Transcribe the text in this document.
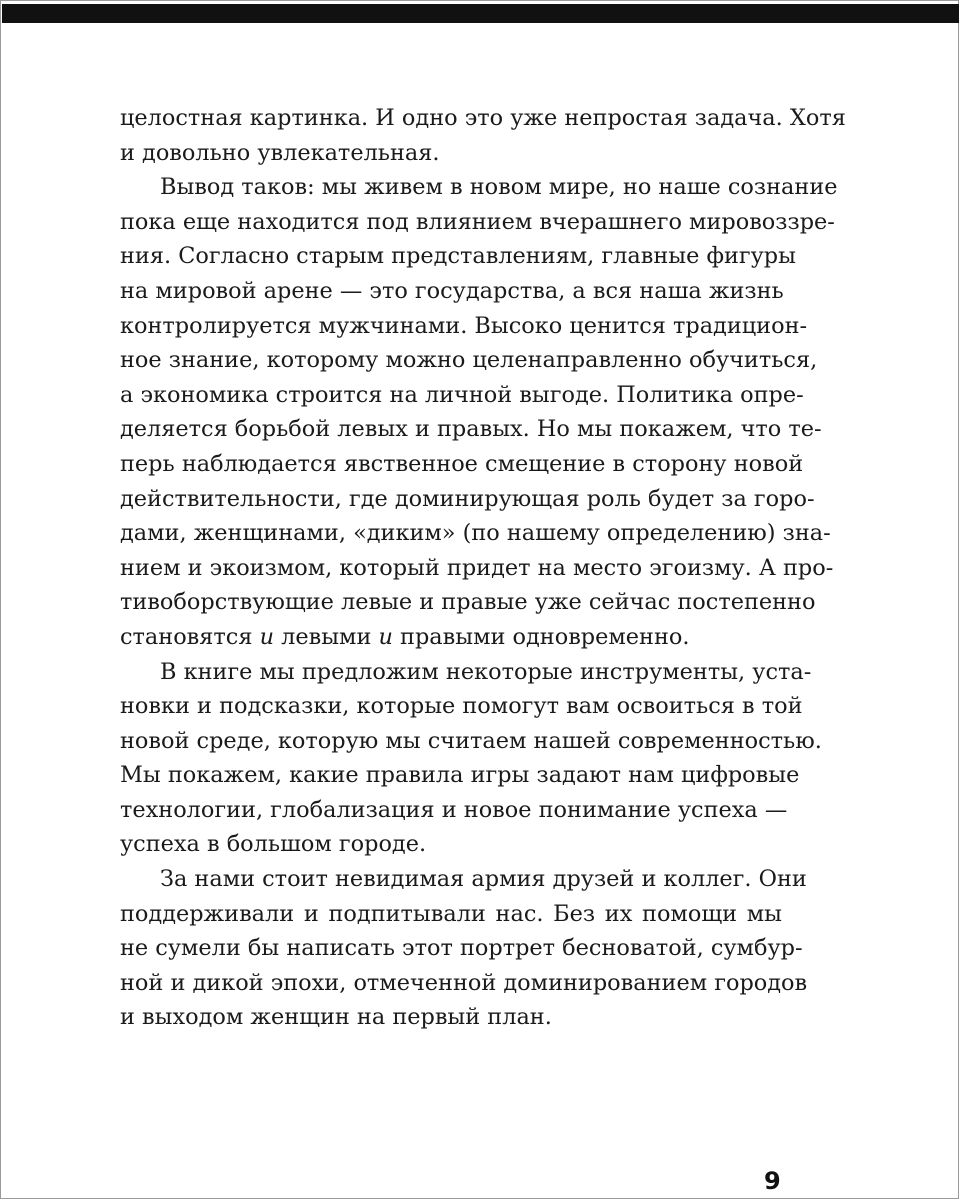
целостная картинка. И одно это уже непростая задача. Хотя
и довольно увлекательная.
Вывод таков: мы живем в новом мире, но наше сознание
пока еще находится под влиянием вчерашнего мировоззре-
ния. Согласно старым представлениям, главные фигуры
на мировой арене — это государства, а вся наша жизнь
контролируется мужчинами. Высоко ценится традицион-
ное знание, которому можно целенаправленно обучиться,
а экономика строится на личной выгоде. Политика опре-
деляется борьбой левых и правых. Но мы покажем, что те-
перь наблюдается явственное смещение в сторону новой
действительности, где доминирующая роль будет за горо-
дами, женщинами, «диким» (по нашему определению) зна-
нием и экоизмом, который придет на место эгоизму. А про-
тивоборствующие левые и правые уже сейчас постепенно
становятся и левыми и правыми одновременно.
В книге мы предложим некоторые инструменты, уста-
новки и подсказки, которые помогут вам освоиться в той
новой среде, которую мы считаем нашей современностью.
Мы покажем, какие правила игры задают нам цифровые
технологии, глобализация и новое понимание успеха —
успеха в большом городе.
За нами стоит невидимая армия друзей и коллег. Они
поддерживали и подпитывали нас. Без их помощи мы
не сумели бы написать этот портрет бесноватой, сумбур-
ной и дикой эпохи, отмеченной доминированием городов
и выходом женщин на первый план.
9
